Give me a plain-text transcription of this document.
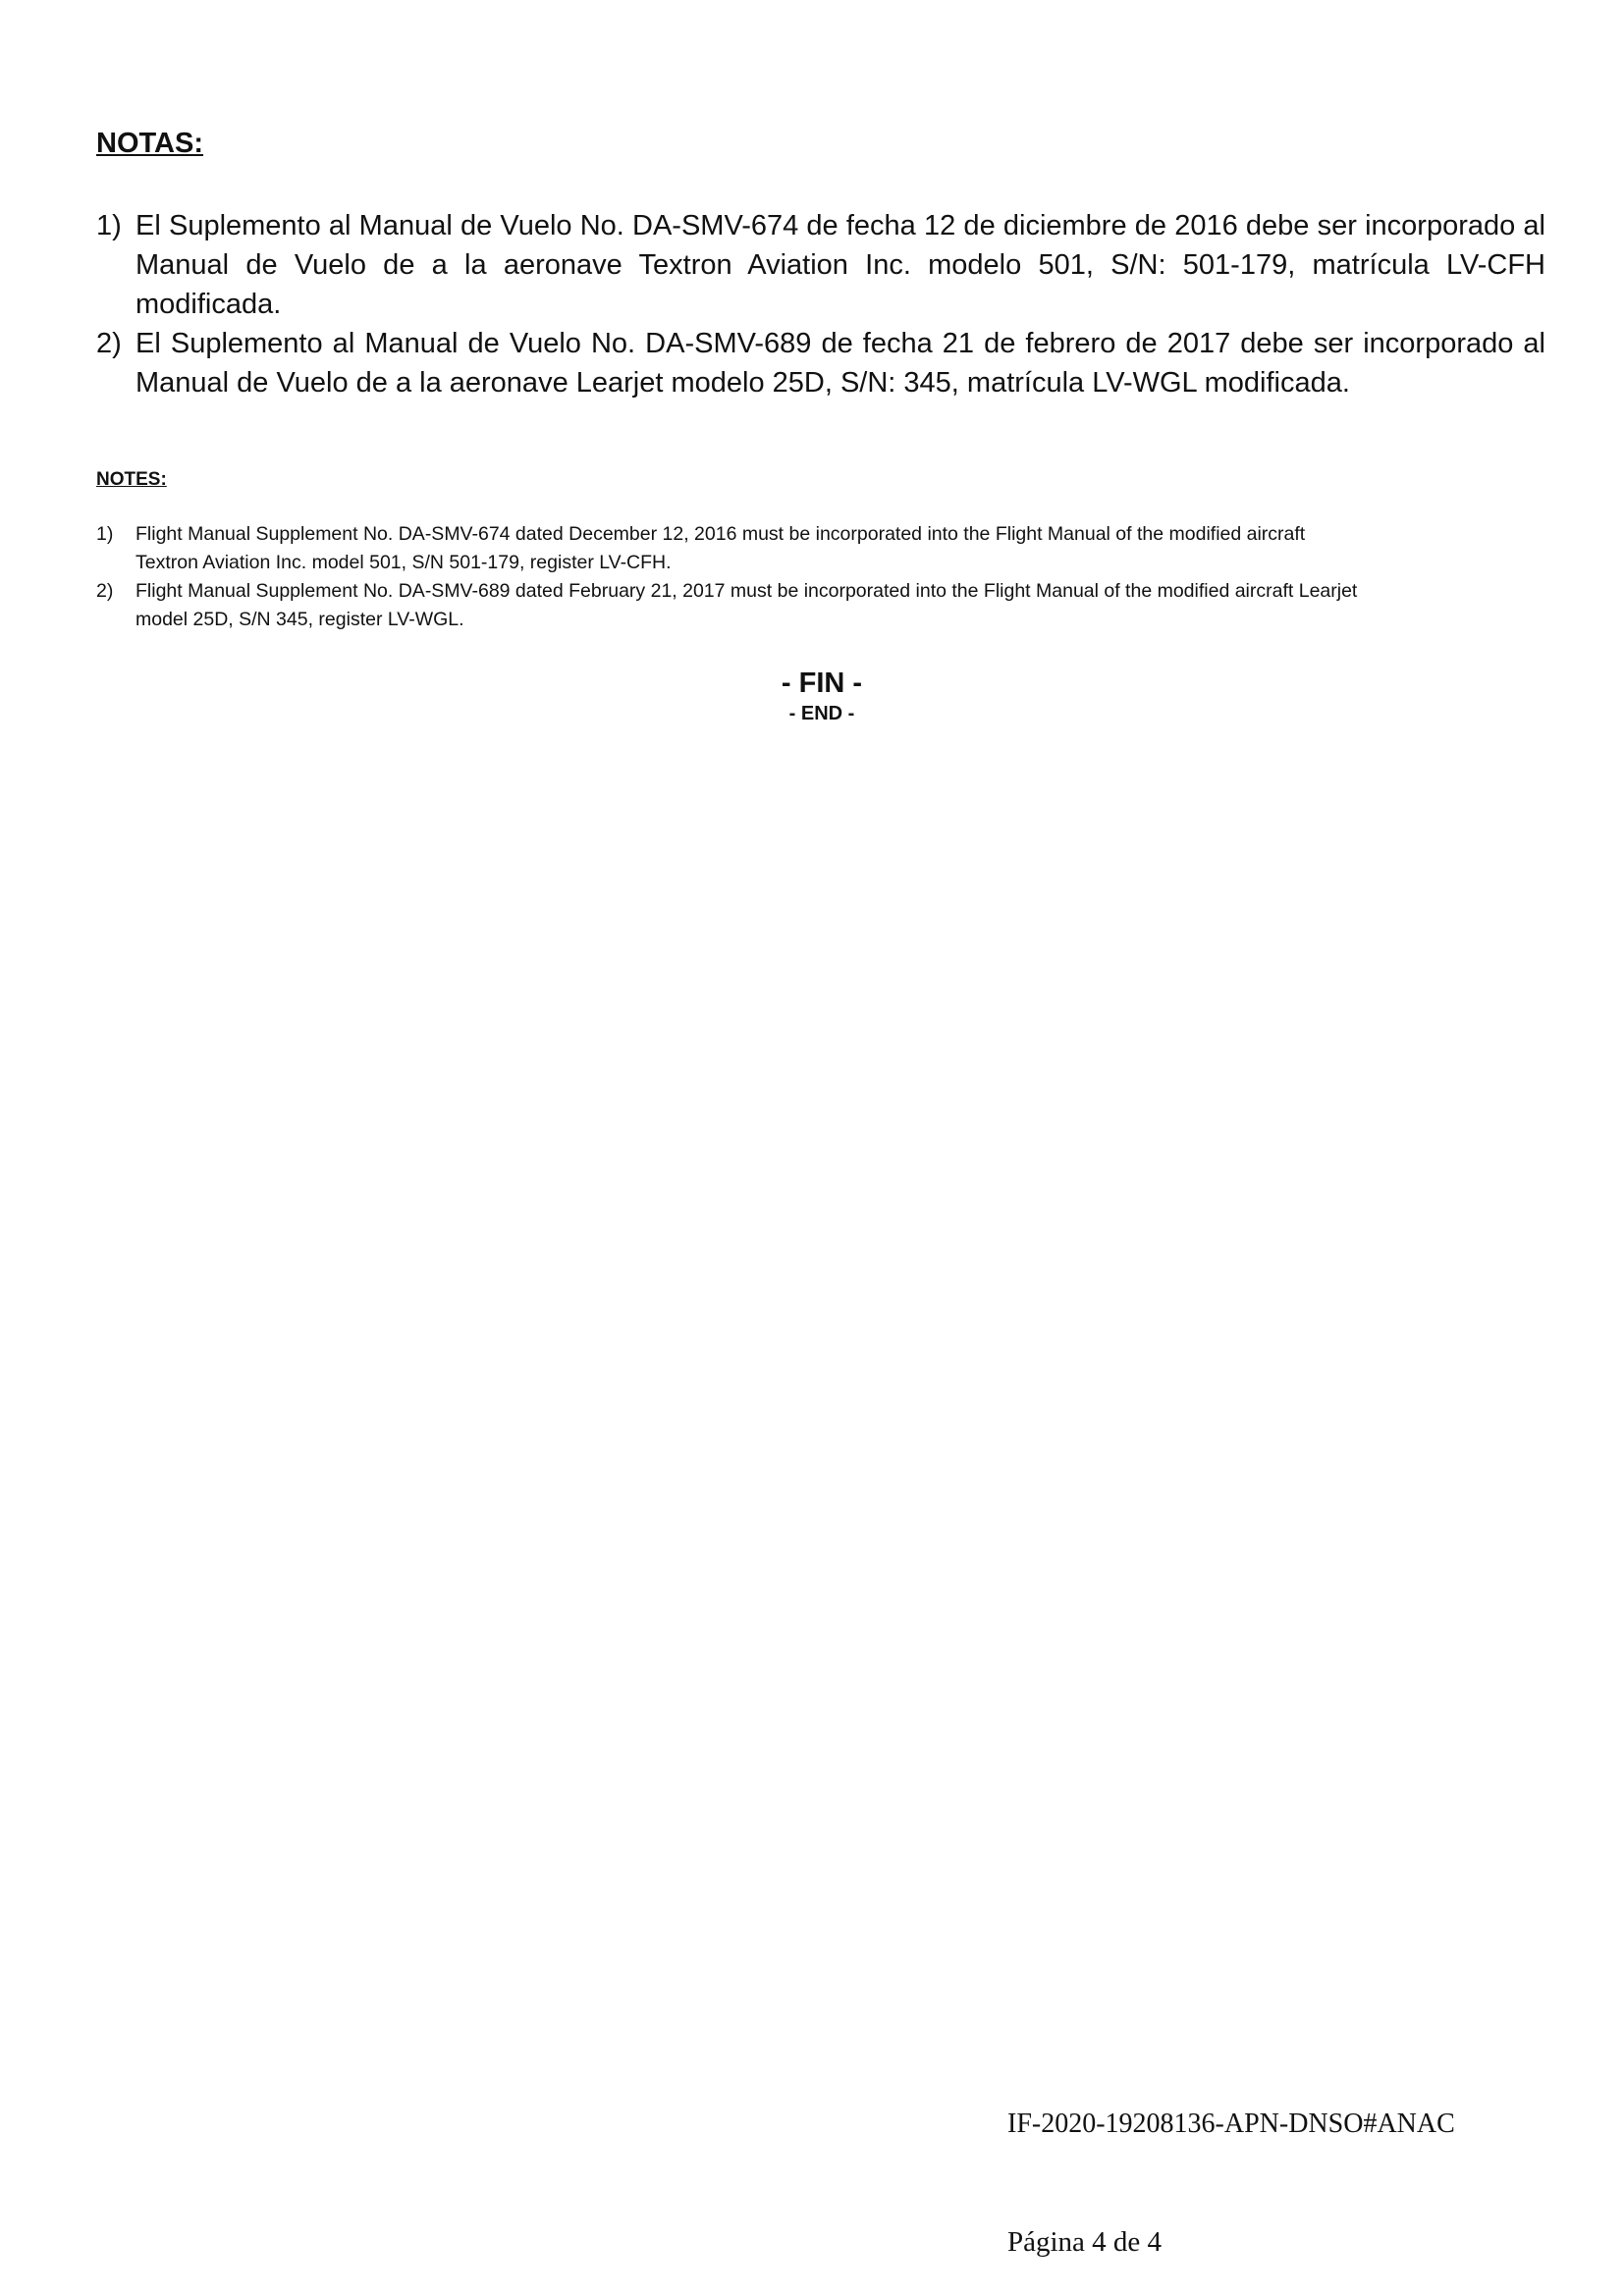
NOTAS:
1) El Suplemento al Manual de Vuelo No. DA-SMV-674 de fecha 12 de diciembre de 2016 debe ser incorporado al Manual de Vuelo de a la aeronave Textron Aviation Inc. modelo 501, S/N: 501-179, matrícula LV-CFH modificada.
2) El Suplemento al Manual de Vuelo No. DA-SMV-689 de fecha 21 de febrero de 2017 debe ser incorporado al Manual de Vuelo de a la aeronave Learjet modelo 25D, S/N: 345, matrícula LV-WGL modificada.
NOTES:
1) Flight Manual Supplement No. DA-SMV-674 dated December 12, 2016 must be incorporated into the Flight Manual of the modified aircraft
Textron Aviation Inc. model 501, S/N 501-179, register LV-CFH.
2) Flight Manual Supplement No. DA-SMV-689 dated February 21, 2017 must be incorporated into the Flight Manual of the modified aircraft Learjet
model 25D, S/N 345, register LV-WGL.

- FIN -

- END -

IF-2020-19208136-APN-DNSO#ANAC

Página 4 de 4
